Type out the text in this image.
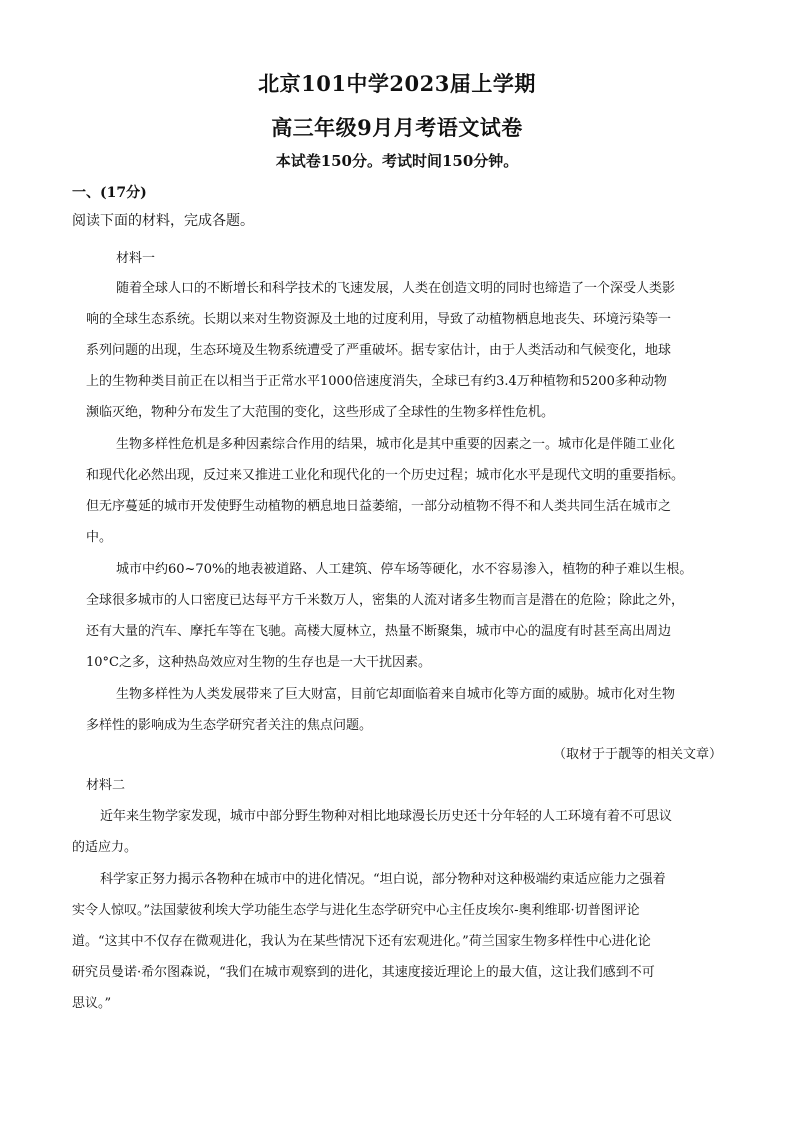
北京101中学2023届上学期
高三年级9月月考语文试卷
本试卷150分。考试时间150分钟。
一、(17分)
阅读下面的材料，完成各题。
材料一
随着全球人口的不断增长和科学技术的飞速发展，人类在创造文明的同时也缔造了一个深受人类影
响的全球生态系统。长期以来对生物资源及土地的过度利用，导致了动植物栖息地丧失、环境污染等一
系列问题的出现，生态环境及生物系统遭受了严重破坏。据专家估计，由于人类活动和气候变化，地球
上的生物种类目前正在以相当于正常水平1000倍速度消失，全球已有约3.4万种植物和5200多种动物
濒临灭绝，物种分布发生了大范围的变化，这些形成了全球性的生物多样性危机。
生物多样性危机是多种因素综合作用的结果，城市化是其中重要的因素之一。城市化是伴随工业化
和现代化必然出现，反过来又推进工业化和现代化的一个历史过程；城市化水平是现代文明的重要指标。
但无序蔓延的城市开发使野生动植物的栖息地日益萎缩，一部分动植物不得不和人类共同生活在城市之
中。
城市中约60~70%的地表被道路、人工建筑、停车场等硬化，水不容易渗入，植物的种子难以生根。
全球很多城市的人口密度已达每平方千米数万人，密集的人流对诸多生物而言是潜在的危险；除此之外，
还有大量的汽车、摩托车等在飞驰。高楼大厦林立，热量不断聚集，城市中心的温度有时甚至高出周边
10°C之多，这种热岛效应对生物的生存也是一大干扰因素。
生物多样性为人类发展带来了巨大财富，目前它却面临着来自城市化等方面的威胁。城市化对生物
多样性的影响成为生态学研究者关注的焦点问题。
（取材于于靓等的相关文章）
材料二
近年来生物学家发现，城市中部分野生物种对相比地球漫长历史还十分年轻的人工环境有着不可思议
的适应力。
科学家正努力揭示各物种在城市中的进化情况。“坦白说，部分物种对这种极端约束适应能力之强着
实令人惊叹。”法国蒙彼利埃大学功能生态学与进化生态学研究中心主任皮埃尔-奥利维耶·切普图评论
道。“这其中不仅存在微观进化，我认为在某些情况下还有宏观进化。”荷兰国家生物多样性中心进化论
研究员曼诺·希尔图森说，“我们在城市观察到的进化，其速度接近理论上的最大值，这让我们感到不可
思议。”
